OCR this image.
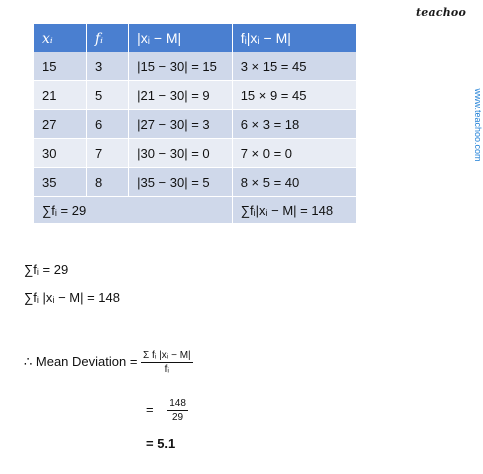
teachoo
www.teachoo.com
xᵢ	fᵢ	|xᵢ − M|	fᵢ|xᵢ − M|
15	3	|15 − 30| = 15	3 × 15 = 45
21	5	|21 − 30| = 9	15 × 9 = 45
27	6	|27 − 30| = 3	6 × 3 = 18
30	7	|30 − 30| = 0	7 × 0 = 0
35	8	|35 − 30| = 5	8 × 5 = 40
∑fᵢ = 29			∑fᵢ|xᵢ − M| = 148
∑fᵢ = 29
∑fᵢ |xᵢ − M| = 148
∴ Mean Deviation = $\frac{\text{Σ fᵢ |xᵢ − M|}}{\text{fᵢ}}$
= $\frac{148}{29}$
= 5.1
